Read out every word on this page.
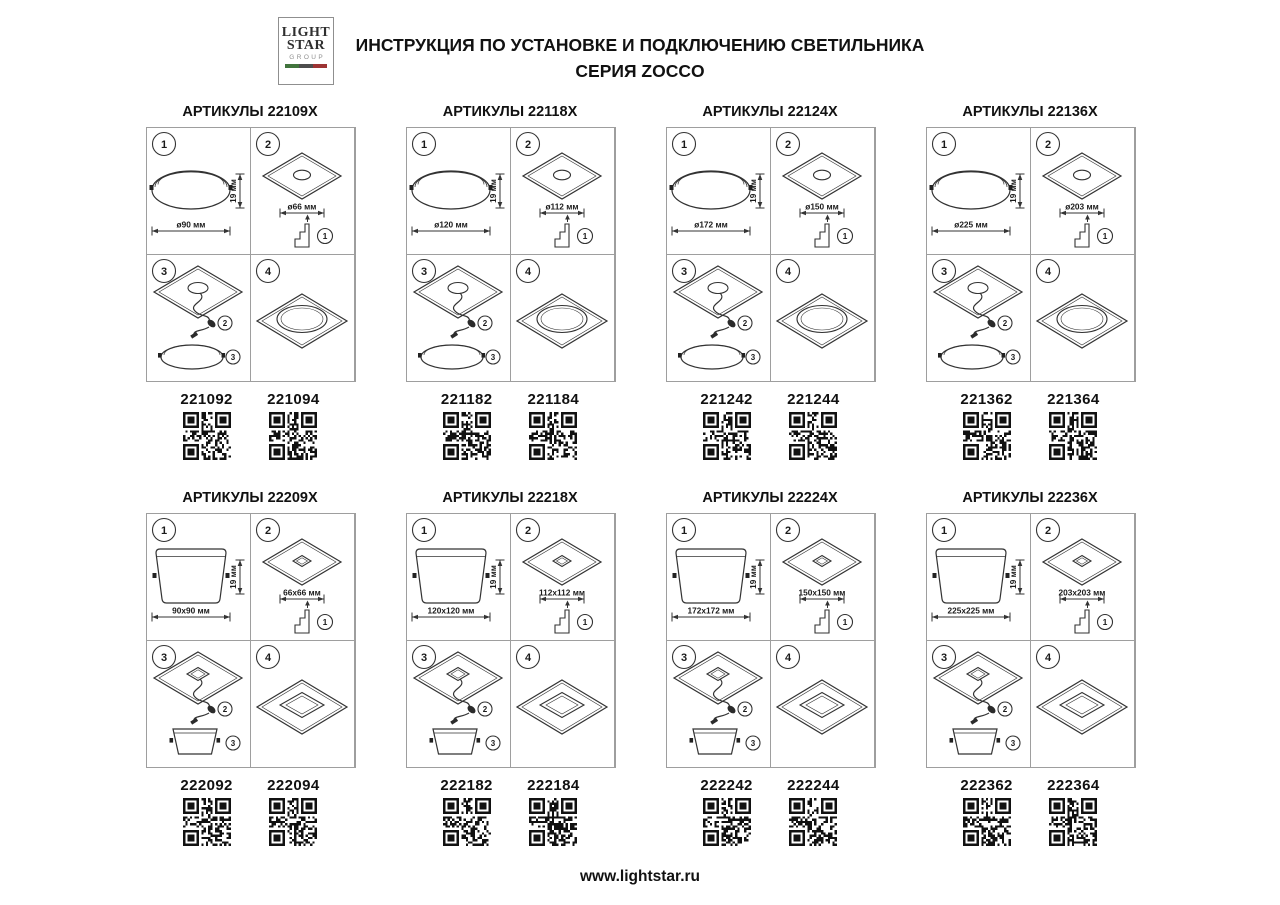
LIGHT
STAR
GROUP
ИНСТРУКЦИЯ ПО УСТАНОВКЕ И ПОДКЛЮЧЕНИЮ СВЕТИЛЬНИКА
СЕРИЯ ZOCCO
АРТИКУЛЫ 22109X
1
19 мм
ø90 мм
2
ø66 мм
1
3
2
3
4
221092 221094
АРТИКУЛЫ 22118X
1
19 мм
ø120 мм
2
ø112 мм
1
3
2
3
4
221182 221184
АРТИКУЛЫ 22124X
1
19 мм
ø172 мм
2
ø150 мм
1
3
2
3
4
221242 221244
АРТИКУЛЫ 22136X
1
19 мм
ø225 мм
2
ø203 мм
1
3
2
3
4
221362 221364
АРТИКУЛЫ 22209X
1
19 мм
90x90 мм
2
66x66 мм
1
3
2
3
4
222092 222094
АРТИКУЛЫ 22218X
1
19 мм
120x120 мм
2
112x112 мм
1
3
2
3
4
222182 222184
АРТИКУЛЫ 22224X
1
19 мм
172x172 мм
2
150x150 мм
1
3
2
3
4
222242 222244
АРТИКУЛЫ 22236X
1
19 мм
225x225 мм
2
203x203 мм
1
3
2
3
4
222362 222364
www.lightstar.ru
